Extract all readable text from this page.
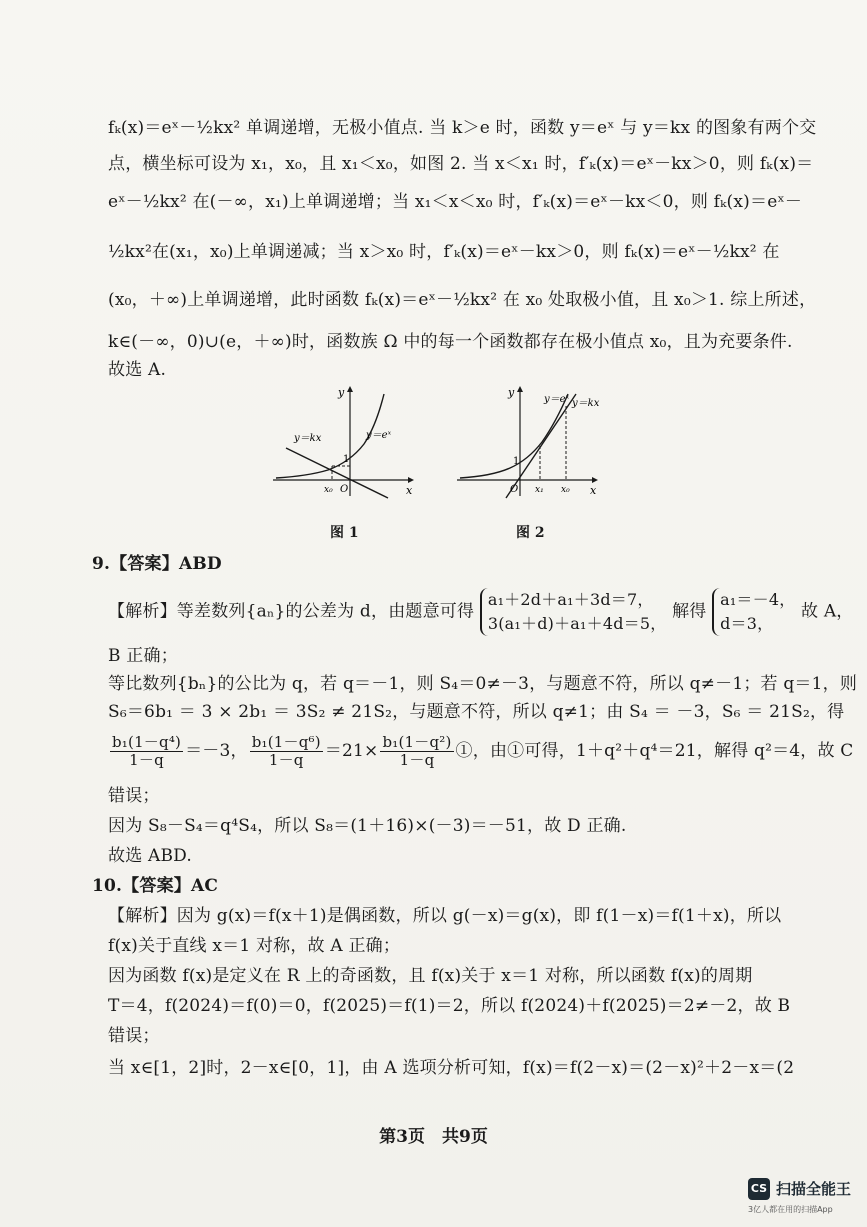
fₖ(x)＝eˣ－½kx² 单调递增，无极小值点. 当 k＞e 时，函数 y＝eˣ 与 y＝kx 的图象有两个交
点，横坐标可设为 x₁，x₀，且 x₁＜x₀，如图 2. 当 x＜x₁ 时，f′ₖ(x)＝eˣ－kx＞0，则 fₖ(x)＝
eˣ－½kx² 在(－∞，x₁)上单调递增；当 x₁＜x＜x₀ 时，f′ₖ(x)＝eˣ－kx＜0，则 fₖ(x)＝eˣ－
½kx²在(x₁，x₀)上单调递减；当 x＞x₀ 时，f′ₖ(x)＝eˣ－kx＞0，则 fₖ(x)＝eˣ－½kx² 在
(x₀，＋∞)上单调递增，此时函数 fₖ(x)＝eˣ－½kx² 在 x₀ 处取极小值，且 x₀＞1. 综上所述，
k∈(－∞，0)∪(e，＋∞)时，函数族 Ω 中的每一个函数都存在极小值点 x₀，且为充要条件.
故选 A.
y
x
O
1
x₀
y＝kx	y＝eˣ
图 1
y
x
O
1
x₁ x₀
y＝eˣ y＝kx
图 2
9.【答案】ABD
【解析】等差数列{aₙ}的公差为 d，由题意可得
a₁＋2d＋a₁＋3d＝7，
3(a₁＋d)＋a₁＋4d＝5，
解得
a₁＝－4，
d＝3，
故 A，
B 正确；
等比数列{bₙ}的公比为 q，若 q＝－1，则 S₄＝0≠－3，与题意不符，所以 q≠－1；若 q＝1，则
S₆＝6b₁ ＝ 3 × 2b₁ ＝ 3S₂ ≠ 21S₂，与题意不符，所以 q≠1；由 S₄ ＝ －3，S₆ ＝ 21S₂，得
$\frac{\text{b₁(1－q⁴)}}{1-q} =-3$， $\frac{\text{b₁(1－q⁶)}}{1-q} =21\times \frac{\text{b₁(1－q²)}}{1-q}$ ①，由①可得，1＋q²＋q⁴＝21，解得 q²＝4，故 C
错误；
因为 S₈－S₄＝q⁴S₄，所以 S₈＝(1＋16)×(－3)＝－51，故 D 正确.
故选 ABD.
10.【答案】AC
【解析】因为 g(x)＝f(x＋1)是偶函数，所以 g(－x)＝g(x)，即 f(1－x)＝f(1＋x)，所以
f(x)关于直线 x＝1 对称，故 A 正确；
因为函数 f(x)是定义在 R 上的奇函数，且 f(x)关于 x＝1 对称，所以函数 f(x)的周期
T＝4，f(2024)＝f(0)＝0，f(2025)＝f(1)＝2，所以 f(2024)＋f(2025)＝2≠－2，故 B
错误；
当 x∈[1，2]时，2－x∈[0，1]，由 A 选项分析可知，f(x)＝f(2－x)＝(2－x)²＋2－x＝(2
第3页　共9页
CS 扫描全能王
3亿人都在用的扫描App
